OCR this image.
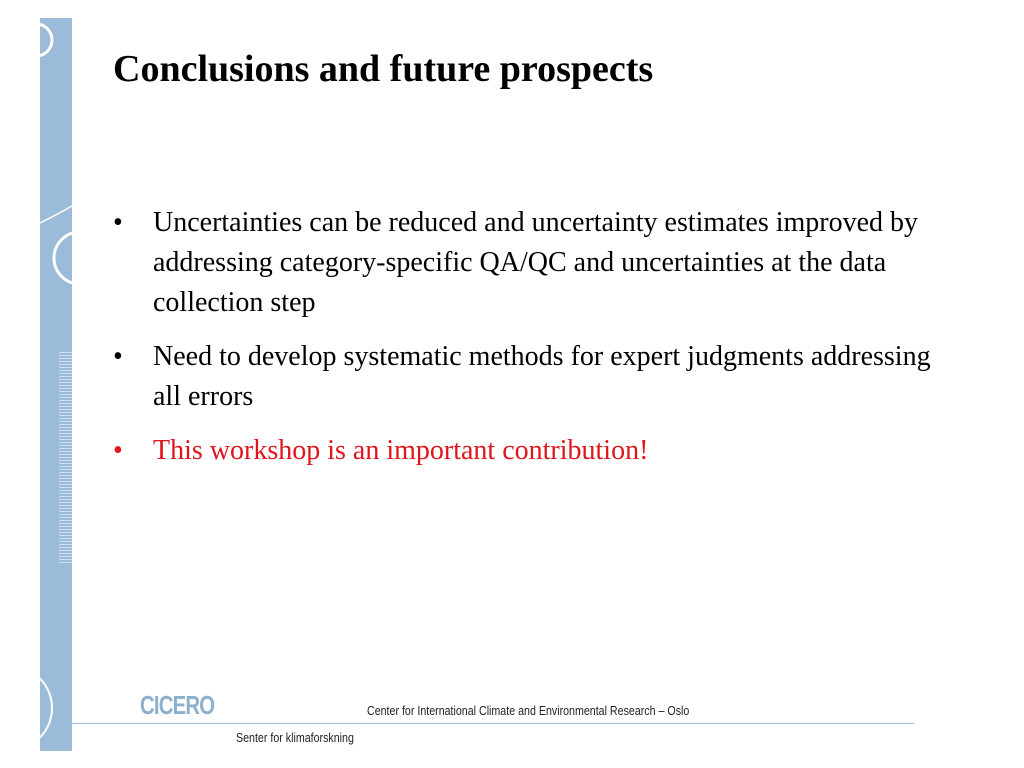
Conclusions and future prospects
• Uncertainties can be reduced and uncertainty estimates improved by addressing category-specific QA/QC and uncertainties at the data collection step
• Need to develop systematic methods for expert judgments addressing all errors
• This workshop is an important contribution!
CICERO	Center for International Climate and Environmental Research – Oslo
Senter for klimaforskning
